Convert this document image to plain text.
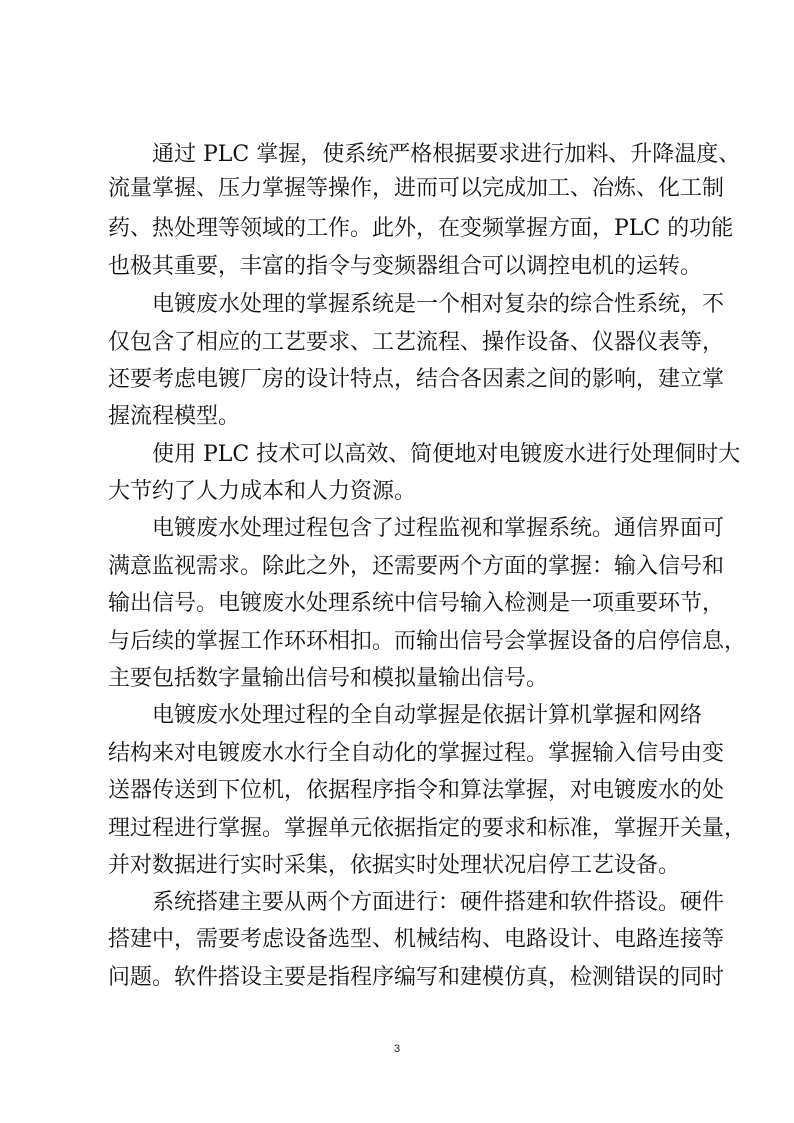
　　通过 PLC 掌握，使系统严格根据要求进行加料、升降温度、
流量掌握、压力掌握等操作，进而可以完成加工、冶炼、化工制
药、热处理等领域的工作。此外，在变频掌握方面，PLC 的功能
也极其重要，丰富的指令与变频器组合可以调控电机的运转。
　　电镀废水处理的掌握系统是一个相对复杂的综合性系统，不
仅包含了相应的工艺要求、工艺流程、操作设备、仪器仪表等，
还要考虑电镀厂房的设计特点，结合各因素之间的影响，建立掌
握流程模型。
　　使用 PLC 技术可以高效、简便地对电镀废水进行处理侗时大
大节约了人力成本和人力资源。
　　电镀废水处理过程包含了过程监视和掌握系统。通信界面可
满意监视需求。除此之外，还需要两个方面的掌握：输入信号和
输出信号。电镀废水处理系统中信号输入检测是一项重要环节，
与后续的掌握工作环环相扣。而输出信号会掌握设备的启停信息，
主要包括数字量输出信号和模拟量输出信号。
　　电镀废水处理过程的全自动掌握是依据计算机掌握和网络
结构来对电镀废水水行全自动化的掌握过程。掌握输入信号由变
送器传送到下位机，依据程序指令和算法掌握，对电镀废水的处
理过程进行掌握。掌握单元依据指定的要求和标准，掌握开关量，
并对数据进行实时采集，依据实时处理状况启停工艺设备。
　　系统搭建主要从两个方面进行：硬件搭建和软件搭设。硬件
搭建中，需要考虑设备选型、机械结构、电路设计、电路连接等
问题。软件搭设主要是指程序编写和建模仿真，检测错误的同时
3
